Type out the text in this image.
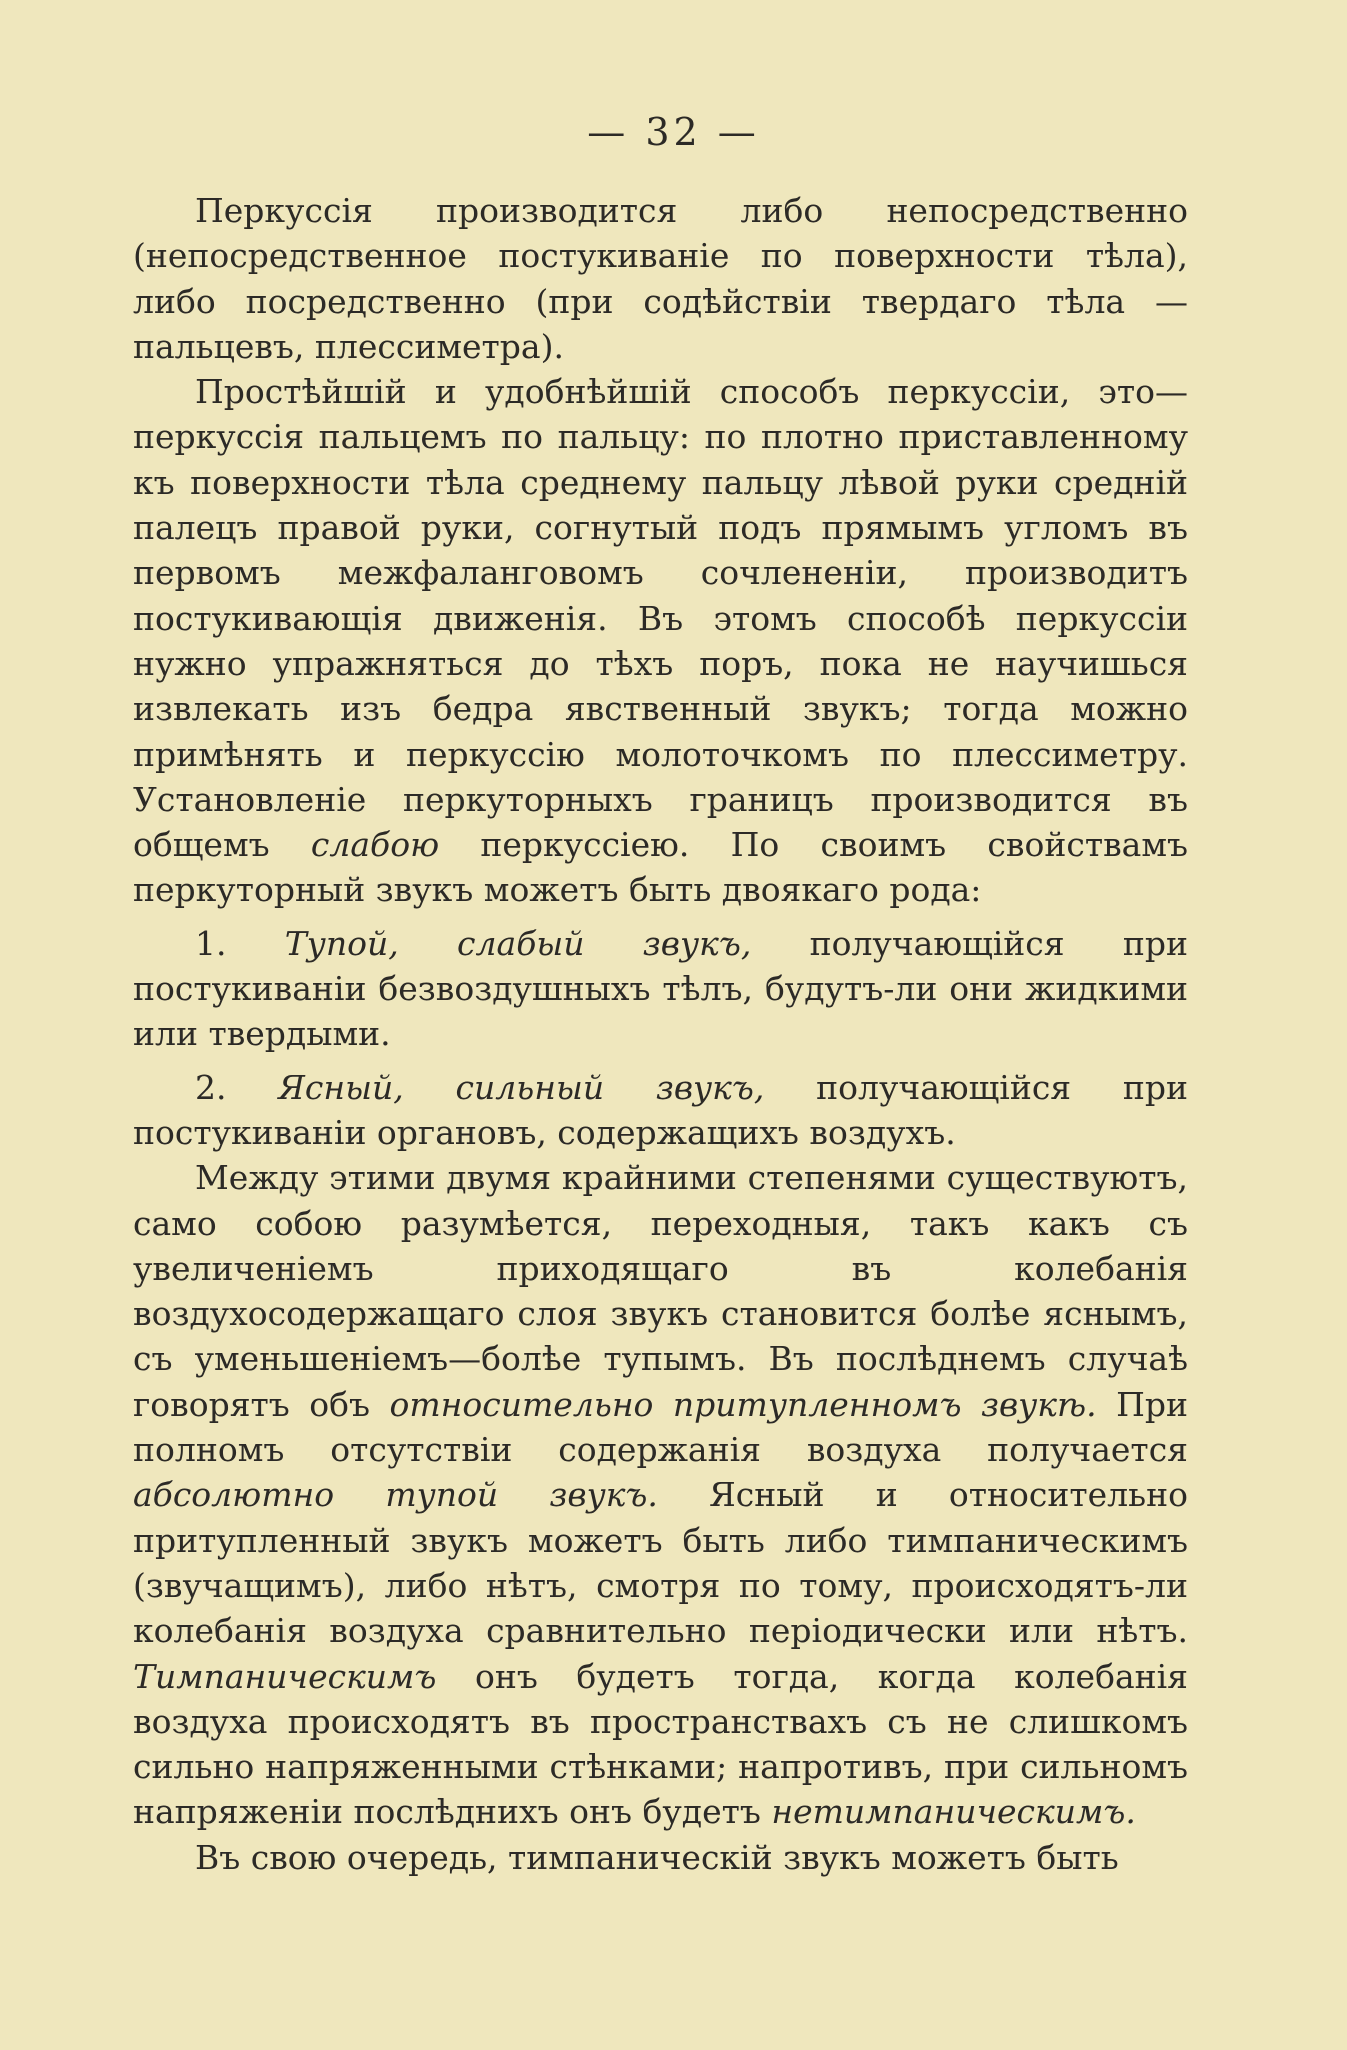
— 32 —

Перкуссія производится либо непосредственно (непосредственное постукиваніе по поверхности тѣла), либо посредственно (при содѣйствіи твердаго тѣла — пальцевъ, плессиметра).

Простѣйшій и удобнѣйшій способъ перкуссіи, это— перкуссія пальцемъ по пальцу: по плотно приставленному къ поверхности тѣла среднему пальцу лѣвой руки средній палецъ правой руки, согнутый подъ прямымъ угломъ въ первомъ межфаланговомъ сочлененіи, производитъ постукивающія движенія. Въ этомъ способѣ перкуссіи нужно упражняться до тѣхъ поръ, пока не научишься извлекать изъ бедра явственный звукъ; тогда можно примѣнять и перкуссію молоточкомъ по плессиметру. Установленіе перкуторныхъ границъ производится въ общемъ слабою перкуссіею. По своимъ свойствамъ перкуторный звукъ можетъ быть двоякаго рода:

1. Тупой, слабый звукъ, получающійся при постукиваніи безвоздушныхъ тѣлъ, будутъ-ли они жидкими или твердыми.

2. Ясный, сильный звукъ, получающійся при постукиваніи органовъ, содержащихъ воздухъ.

Между этими двумя крайними степенями существуютъ, само собою разумѣется, переходныя, такъ какъ съ увеличеніемъ приходящаго въ колебанія воздухосодержащаго слоя звукъ становится болѣе яснымъ, съ уменьшеніемъ—болѣе тупымъ. Въ послѣднемъ случаѣ говорятъ объ относительно притупленномъ звукѣ. При полномъ отсутствіи содержанія воздуха получается абсолютно тупой звукъ. Ясный и относительно притупленный звукъ можетъ быть либо тимпаническимъ (звучащимъ), либо нѣтъ, смотря по тому, происходятъ-ли колебанія воздуха сравнительно періодически или нѣтъ. Тимпаническимъ онъ будетъ тогда, когда колебанія воздуха происходятъ въ пространствахъ съ не слишкомъ сильно напряженными стѣнками; напротивъ, при сильномъ напряженіи послѣднихъ онъ будетъ нетимпаническимъ.

Въ свою очередь, тимпаническій звукъ можетъ быть
